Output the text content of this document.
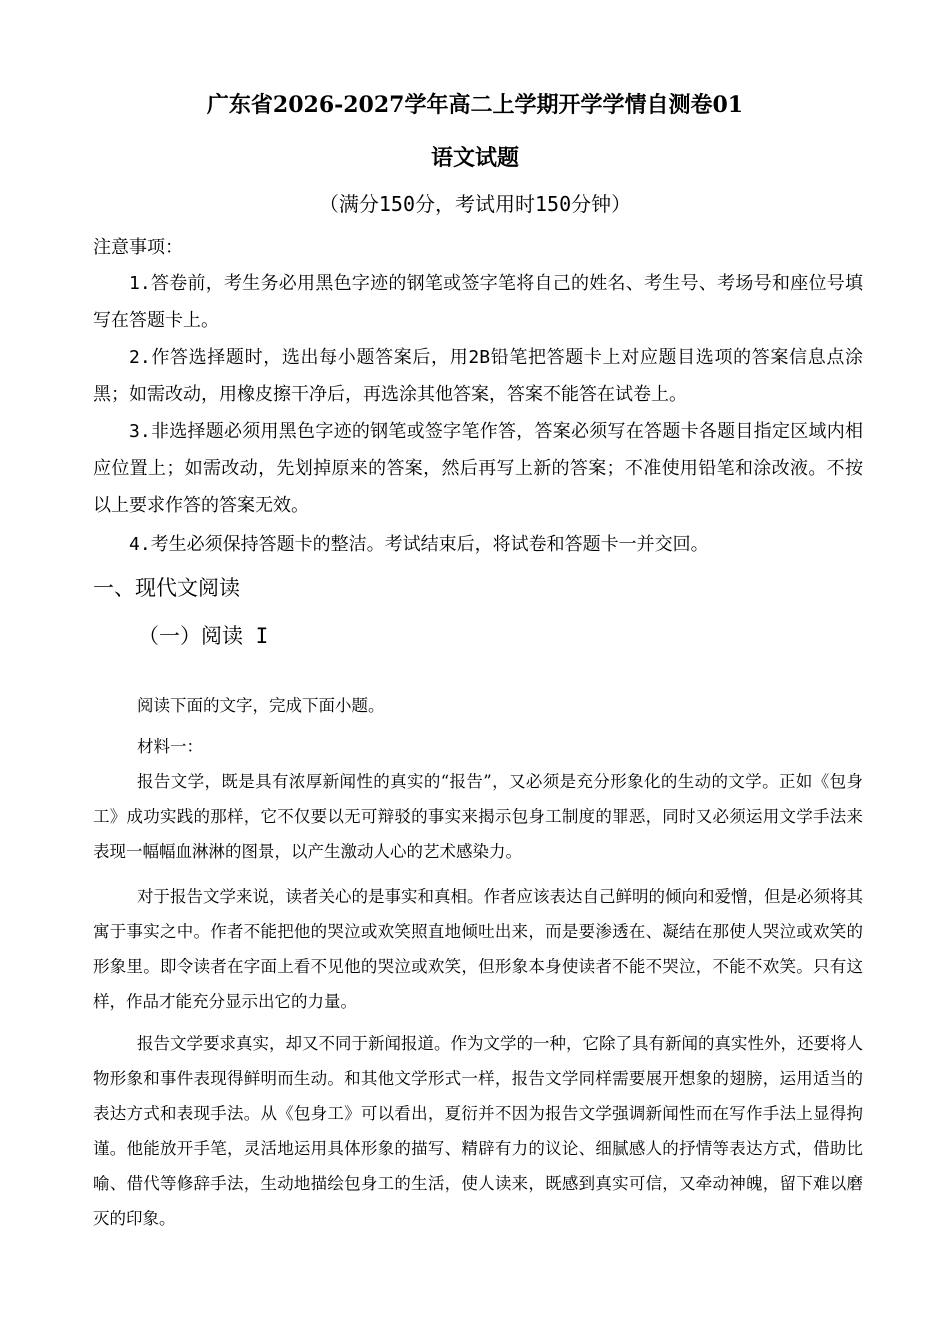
广东省2026-2027学年高二上学期开学学情自测卷01
语文试题
（满分150分，考试用时150分钟）
注意事项：

1.答卷前，考生务必用黑色字迹的钢笔或签字笔将自己的姓名、考生号、考场号和座位号填写在答题卡上。

2.作答选择题时，选出每小题答案后，用2B铅笔把答题卡上对应题目选项的答案信息点涂黑；如需改动，用橡皮擦干净后，再选涂其他答案，答案不能答在试卷上。

3.非选择题必须用黑色字迹的钢笔或签字笔作答，答案必须写在答题卡各题目指定区域内相应位置上；如需改动，先划掉原来的答案，然后再写上新的答案；不准使用铅笔和涂改液。不按以上要求作答的答案无效。

4.考生必须保持答题卡的整洁。考试结束后，将试卷和答题卡一并交回。

一、现代文阅读
（一）阅读 I

阅读下面的文字，完成下面小题。

材料一：

报告文学，既是具有浓厚新闻性的真实的“报告”，又必须是充分形象化的生动的文学。正如《包身工》成功实践的那样，它不仅要以无可辩驳的事实来揭示包身工制度的罪恶，同时又必须运用文学手法来表现一幅幅血淋淋的图景，以产生激动人心的艺术感染力。

对于报告文学来说，读者关心的是事实和真相。作者应该表达自己鲜明的倾向和爱憎，但是必须将其寓于事实之中。作者不能把他的哭泣或欢笑照直地倾吐出来，而是要渗透在、凝结在那使人哭泣或欢笑的形象里。即令读者在字面上看不见他的哭泣或欢笑，但形象本身使读者不能不哭泣，不能不欢笑。只有这样，作品才能充分显示出它的力量。

报告文学要求真实，却又不同于新闻报道。作为文学的一种，它除了具有新闻的真实性外，还要将人物形象和事件表现得鲜明而生动。和其他文学形式一样，报告文学同样需要展开想象的翅膀，运用适当的表达方式和表现手法。从《包身工》可以看出，夏衍并不因为报告文学强调新闻性而在写作手法上显得拘谨。他能放开手笔，灵活地运用具体形象的描写、精辟有力的议论、细腻感人的抒情等表达方式，借助比喻、借代等修辞手法，生动地描绘包身工的生活，使人读来，既感到真实可信，又牵动神魄，留下难以磨灭的印象。
